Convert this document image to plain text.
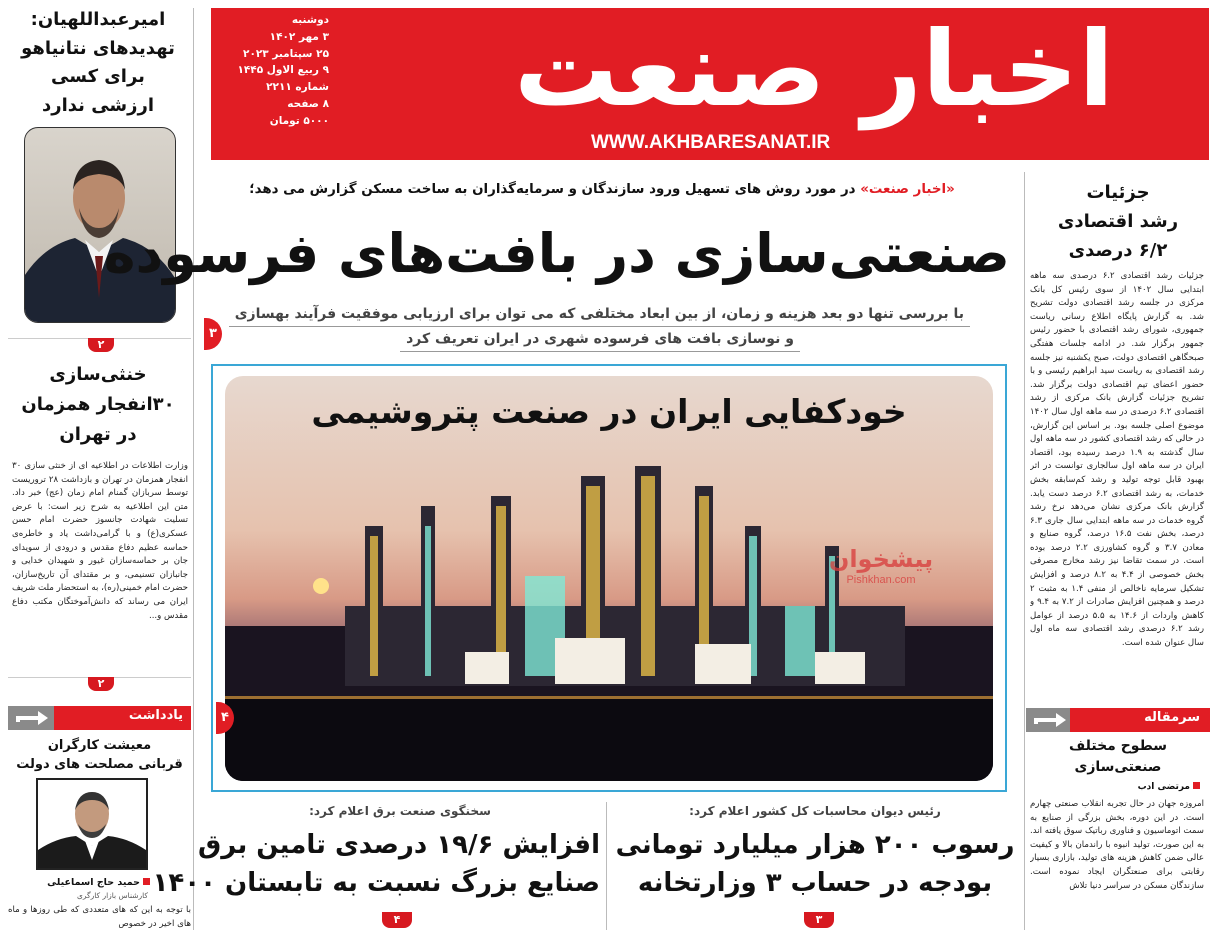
اخبار صنعت
WWW.AKHBARESANAT.IR
دوشنبه
۳ مهر ۱۴۰۲
۲۵ سپتامبر ۲۰۲۳
۹ ربیع الاول ۱۴۴۵
شماره ۲۲۱۱
۸ صفحه
۵۰۰۰ تومان
امیرعبداللهیان:
تهدیدهای نتانیاهو
برای کسی
ارزشی ندارد
۲
خنثی‌سازی
۳۰انفجار همزمان
در تهران
وزارت اطلاعات در اطلاعیه ای از خنثی سازی ۳۰ انفجار همزمان در تهران و بازداشت ۲۸ تروریست توسط سربازان گمنام امام زمان (عج) خبر داد. متن این اطلاعیه به شرح زیر است: با عرض تسلیت شهادت جانسوز حضرت امام حسن عسکری(ع) و با گرامی‌داشت یاد و خاطره‌ی حماسه عظیم دفاع مقدس و درودی از سویدای جان بر حماسه‌سازان غیور و شهیدان خدایی و جانبازان تسنیمی، و بر مقتدای آن تاریخ‌سازان، حضرت امام خمینی(ره)، به استحضار ملت شریف ایران می رساند که دانش‌آموختگان مکتب دفاع مقدس و...
۲
یادداشت
معیشت کارگران
قربانی مصلحت های دولت
حمید حاج اسماعیلی
کارشناس بازار کارگری
با توجه به این که های متعددی که طی روزها و ماه های اخیر در خصوص
جزئیات
رشد اقتصادی
۶/۲ درصدی
جزئیات رشد اقتصادی ۶.۲ درصدی سه ماهه ابتدایی سال ۱۴۰۲ از سوی رئیس کل بانک مرکزی در جلسه رشد اقتصادی دولت تشریح شد. به گزارش پایگاه اطلاع رسانی ریاست جمهوری، شورای رشد اقتصادی با حضور رئیس جمهور برگزار شد. در ادامه جلسات هفتگی صبحگاهی اقتصادی دولت، صبح یکشنبه نیز جلسه رشد اقتصادی به ریاست سید ابراهیم رئیسی و با حضور اعضای تیم اقتصادی دولت برگزار شد. تشریح جزئیات گزارش بانک مرکزی از رشد اقتصادی ۶.۲ درصدی در سه ماهه اول سال ۱۴۰۲ موضوع اصلی جلسه بود. بر اساس این گزارش، در حالی که رشد اقتصادی کشور در سه ماهه اول سال گذشته به ۱.۹ درصد رسیده بود، اقتصاد ایران در سه ماهه اول سالجاری توانست در اثر بهبود قابل توجه تولید و رشد کم‌سابقه بخش خدمات، به رشد اقتصادی ۶.۲ درصد دست یابد. گزارش بانک مرکزی نشان می‌دهد نرخ رشد گروه خدمات در سه ماهه ابتدایی سال جاری ۶.۳ درصد، بخش نفت ۱۶.۵ درصد، گروه صنایع و معادن ۳.۷ و گروه کشاورزی ۲.۲ درصد بوده است. در سمت تقاضا نیز رشد مخارج مصرفی بخش خصوصی از ۴.۴ به ۸.۲ درصد و افزایش تشکیل سرمایه ناخالص از منفی ۱.۴ به مثبت ۲ درصد و همچنین افزایش صادرات از ۷.۲ به ۹.۴ و کاهش واردات از ۱۴.۶ به ۵.۵ درصد از عوامل رشد ۶.۲ درصدی رشد اقتصادی سه ماه اول سال عنوان شده است.
سرمقاله
سطوح مختلف
صنعتی‌سازی
مرتضی ادب
امروزه جهان در حال تجربه انقلاب صنعتی چهارم است. در این دوره، بخش بزرگی از صنایع به سمت اتوماسیون و فناوری رباتیک سوق یافته اند. به این صورت، تولید انبوه با راندمان بالا و کیفیت عالی ضمن کاهش هزینه های تولید، بازاری بسیار رقابتی برای صنعتگران ایجاد نموده است. سازندگان مسکن در سراسر دنیا تلاش
«اخبار صنعت» در مورد روش های تسهیل ورود سازندگان و سرمایه‌گذاران به ساخت مسکن گزارش می دهد؛
صنعتی‌سازی در بافت‌های فرسوده
با بررسی تنها دو بعد هزینه و زمان، از بین ابعاد مختلفی که می توان برای ارزیابی موفقیت فرآیند بهسازی
و نوسازی بافت های فرسوده شهری در ایران تعریف کرد
۳
خودکفایی ایران در صنعت پتروشیمی
پیشخوان
Pishkhan.com
۴
رئیس دیوان محاسبات کل کشور اعلام کرد:
رسوب ۲۰۰ هزار میلیارد تومانی
بودجه در حساب ۳ وزارتخانه
۳
سخنگوی صنعت برق اعلام کرد:
افزایش ۱۹/۶ درصدی تامین برق
صنایع بزرگ نسبت به تابستان ۱۴۰۰
۴
